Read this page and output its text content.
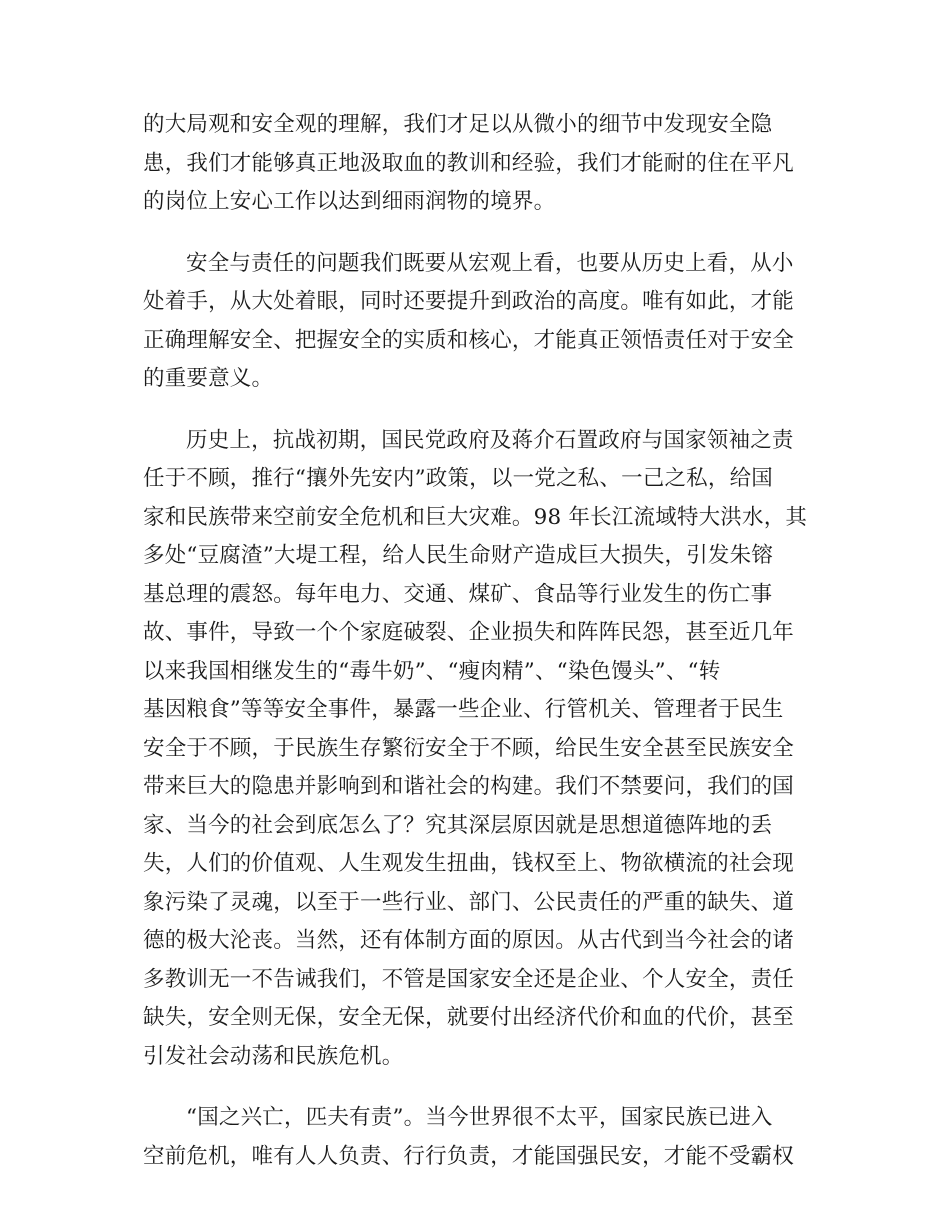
的大局观和安全观的理解，我们才足以从微小的细节中发现安全隐
患，我们才能够真正地汲取血的教训和经验，我们才能耐的住在平凡
的岗位上安心工作以达到细雨润物的境界。
安全与责任的问题我们既要从宏观上看，也要从历史上看，从小
处着手，从大处着眼，同时还要提升到政治的高度。唯有如此，才能
正确理解安全、把握安全的实质和核心，才能真正领悟责任对于安全
的重要意义。
历史上，抗战初期，国民党政府及蒋介石置政府与国家领袖之责
任于不顾，推行“攘外先安内”政策，以一党之私、一己之私，给国
家和民族带来空前安全危机和巨大灾难。98 年长江流域特大洪水，其
多处“豆腐渣”大堤工程，给人民生命财产造成巨大损失，引发朱镕
基总理的震怒。每年电力、交通、煤矿、食品等行业发生的伤亡事
故、事件，导致一个个家庭破裂、企业损失和阵阵民怨，甚至近几年
以来我国相继发生的“毒牛奶”、“瘦肉精”、“染色馒头”、“转
基因粮食”等等安全事件，暴露一些企业、行管机关、管理者于民生
安全于不顾，于民族生存繁衍安全于不顾，给民生安全甚至民族安全
带来巨大的隐患并影响到和谐社会的构建。我们不禁要问，我们的国
家、当今的社会到底怎么了？究其深层原因就是思想道德阵地的丢
失，人们的价值观、人生观发生扭曲，钱权至上、物欲横流的社会现
象污染了灵魂，以至于一些行业、部门、公民责任的严重的缺失、道
德的极大沦丧。当然，还有体制方面的原因。从古代到当今社会的诸
多教训无一不告诫我们，不管是国家安全还是企业、个人安全，责任
缺失，安全则无保，安全无保，就要付出经济代价和血的代价，甚至
引发社会动荡和民族危机。
“国之兴亡，匹夫有责”。当今世界很不太平，国家民族已进入
空前危机，唯有人人负责、行行负责，才能国强民安，才能不受霸权
